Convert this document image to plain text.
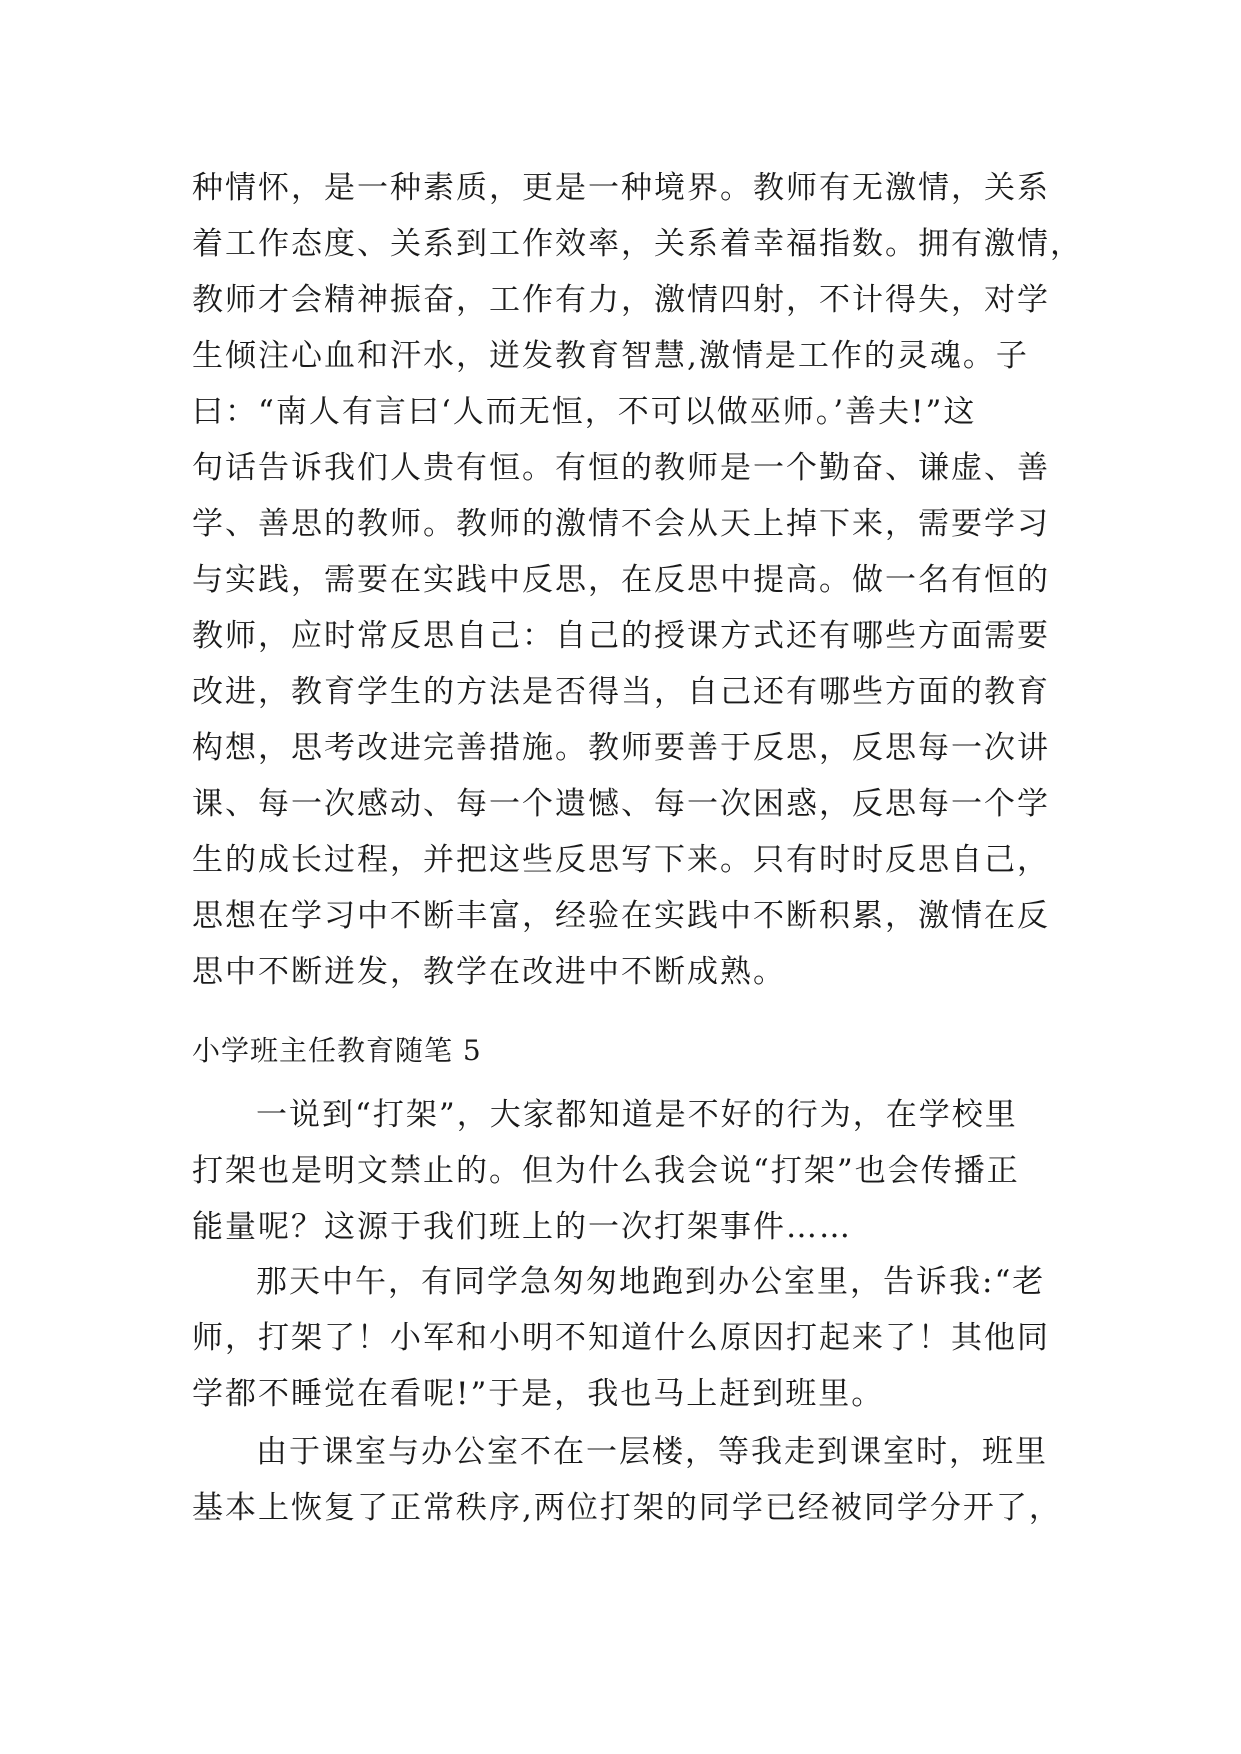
种情怀，是一种素质，更是一种境界。教师有无激情，关系
着工作态度、关系到工作效率，关系着幸福指数。拥有激情，
教师才会精神振奋，工作有力，激情四射，不计得失，对学
生倾注心血和汗水，迸发教育智慧,激情是工作的灵魂。子
曰：“南人有言曰‘人而无恒，不可以做巫师。’善夫!”这
句话告诉我们人贵有恒。有恒的教师是一个勤奋、谦虚、善
学、善思的教师。教师的激情不会从天上掉下来，需要学习
与实践，需要在实践中反思，在反思中提高。做一名有恒的
教师，应时常反思自己：自己的授课方式还有哪些方面需要
改进，教育学生的方法是否得当，自己还有哪些方面的教育
构想，思考改进完善措施。教师要善于反思，反思每一次讲
课、每一次感动、每一个遗憾、每一次困惑，反思每一个学
生的成长过程，并把这些反思写下来。只有时时反思自己，
思想在学习中不断丰富，经验在实践中不断积累，激情在反
思中不断迸发，教学在改进中不断成熟。
小学班主任教育随笔 5
一说到“打架”，大家都知道是不好的行为，在学校里
打架也是明文禁止的。但为什么我会说“打架”也会传播正
能量呢？这源于我们班上的一次打架事件……
那天中午，有同学急匆匆地跑到办公室里，告诉我:“老
师，打架了！小军和小明不知道什么原因打起来了！其他同
学都不睡觉在看呢!”于是，我也马上赶到班里。
由于课室与办公室不在一层楼，等我走到课室时，班里
基本上恢复了正常秩序,两位打架的同学已经被同学分开了，
